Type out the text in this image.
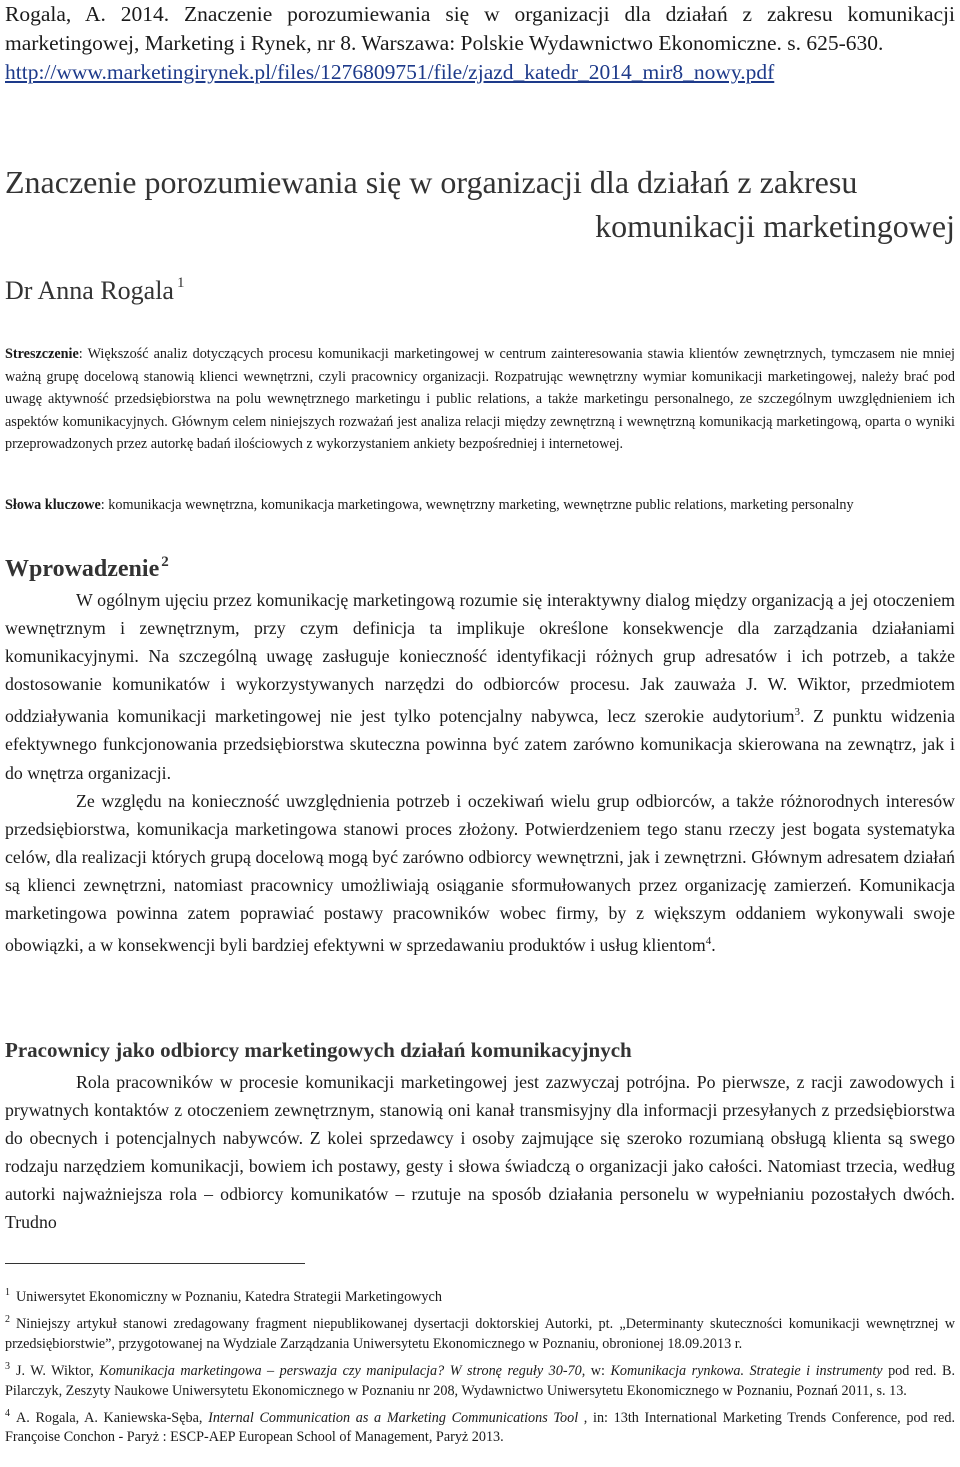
Rogala, A. 2014. Znaczenie porozumiewania się w organizacji dla działań z zakresu komunikacji marketingowej, Marketing i Rynek, nr 8. Warszawa: Polskie Wydawnictwo Ekonomiczne. s. 625-630.
http://www.marketingirynek.pl/files/1276809751/file/zjazd_katedr_2014_mir8_nowy.pdf
Znaczenie porozumiewania się w organizacji dla działań z zakresu
komunikacji marketingowej
Dr Anna Rogala $^1$

Streszczenie: Większość analiz dotyczących procesu komunikacji marketingowej w centrum zainteresowania stawia klientów zewnętrznych, tymczasem nie mniej ważną grupę docelową stanowią klienci wewnętrzni, czyli pracownicy organizacji. Rozpatrując wewnętrzny wymiar komunikacji marketingowej, należy brać pod uwagę aktywność przedsiębiorstwa na polu wewnętrznego marketingu i public relations, a także marketingu personalnego, ze szczególnym uwzględnieniem ich aspektów komunikacyjnych. Głównym celem niniejszych rozważań jest analiza relacji między zewnętrzną i wewnętrzną komunikacją marketingową, oparta o wyniki przeprowadzonych przez autorkę badań ilościowych z wykorzystaniem ankiety bezpośredniej i internetowej.

Słowa kluczowe: komunikacja wewnętrzna, komunikacja marketingowa, wewnętrzny marketing, wewnętrzne public relations, marketing personalny

Wprowadzenie $^2$

W ogólnym ujęciu przez komunikację marketingową rozumie się interaktywny dialog między organizacją a jej otoczeniem wewnętrznym i zewnętrznym, przy czym definicja ta implikuje określone konsekwencje dla zarządzania działaniami komunikacyjnymi. Na szczególną uwagę zasługuje konieczność identyfikacji różnych grup adresatów i ich potrzeb, a także dostosowanie komunikatów i wykorzystywanych narzędzi do odbiorców procesu. Jak zauważa J. W. Wiktor, przedmiotem oddziaływania komunikacji marketingowej nie jest tylko potencjalny nabywca, lecz szerokie audytorium$^3$. Z punktu widzenia efektywnego funkcjonowania przedsiębiorstwa skuteczna powinna być zatem zarówno komunikacja skierowana na zewnątrz, jak i do wnętrza organizacji.

Ze względu na konieczność uwzględnienia potrzeb i oczekiwań wielu grup odbiorców, a także różnorodnych interesów przedsiębiorstwa, komunikacja marketingowa stanowi proces złożony. Potwierdzeniem tego stanu rzeczy jest bogata systematyka celów, dla realizacji których grupą docelową mogą być zarówno odbiorcy wewnętrzni, jak i zewnętrzni. Głównym adresatem działań są klienci zewnętrzni, natomiast pracownicy umożliwiają osiąganie sformułowanych przez organizację zamierzeń. Komunikacja marketingowa powinna zatem poprawiać postawy pracowników wobec firmy, by z większym oddaniem wykonywali swoje obowiązki, a w konsekwencji byli bardziej efektywni w sprzedawaniu produktów i usług klientom$^4$.

Pracownicy jako odbiorcy marketingowych działań komunikacyjnych

Rola pracowników w procesie komunikacji marketingowej jest zazwyczaj potrójna. Po pierwsze, z racji zawodowych i prywatnych kontaktów z otoczeniem zewnętrznym, stanowią oni kanał transmisyjny dla informacji przesyłanych z przedsiębiorstwa do obecnych i potencjalnych nabywców. Z kolei sprzedawcy i osoby zajmujące się szeroko rozumianą obsługą klienta są swego rodzaju narzędziem komunikacji, bowiem ich postawy, gesty i słowa świadczą o organizacji jako całości. Natomiast trzecia, według autorki najważniejsza rola – odbiorcy komunikatów – rzutuje na sposób działania personelu w wypełnianiu pozostałych dwóch. Trudno

$^1$ Uniwersytet Ekonomiczny w Poznaniu, Katedra Strategii Marketingowych

$^2$ Niniejszy artykuł stanowi zredagowany fragment niepublikowanej dysertacji doktorskiej Autorki, pt. „Determinanty skuteczności komunikacji wewnętrznej w przedsiębiorstwie”, przygotowanej na Wydziale Zarządzania Uniwersytetu Ekonomicznego w Poznaniu, obronionej 18.09.2013 r.

$^3$ J. W. Wiktor, Komunikacja marketingowa – perswazja czy manipulacja? W stronę reguły 30-70, w: Komunikacja rynkowa. Strategie i instrumenty pod red. B. Pilarczyk, Zeszyty Naukowe Uniwersytetu Ekonomicznego w Poznaniu nr 208, Wydawnictwo Uniwersytetu Ekonomicznego w Poznaniu, Poznań 2011, s. 13.

$^4$ A. Rogala, A. Kaniewska-Sęba, Internal Communication as a Marketing Communications Tool , in: 13th International Marketing Trends Conference, pod red. Françoise Conchon - Paryż : ESCP-AEP European School of Management, Paryż 2013.
